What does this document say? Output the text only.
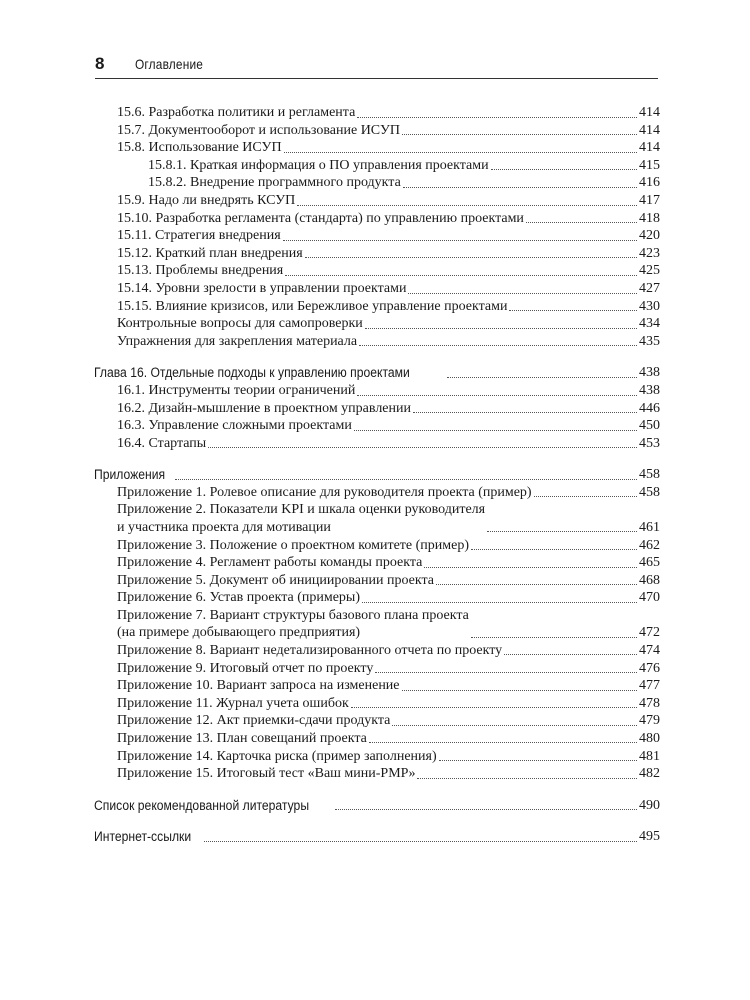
8 Оглавление
15.6. Разработка политики и регламента	414
15.7. Документооборот и использование ИСУП	414
15.8. Использование ИСУП	414
15.8.1. Краткая информация о ПО управления проектами	415
15.8.2. Внедрение программного продукта	416
15.9. Надо ли внедрять КСУП	417
15.10. Разработка регламента (стандарта) по управлению проектами	418
15.11. Стратегия внедрения	420
15.12. Краткий план внедрения	423
15.13. Проблемы внедрения	425
15.14. Уровни зрелости в управлении проектами	427
15.15. Влияние кризисов, или Бережливое управление проектами	430
Контрольные вопросы для самопроверки	434
Упражнения для закрепления материала	435
Глава 16. Отдельные подходы к управлению проектами	438
16.1. Инструменты теории ограничений	438
16.2. Дизайн-мышление в проектном управлении	446
16.3. Управление сложными проектами	450
16.4. Стартапы	453
Приложения	458
Приложение 1. Ролевое описание для руководителя проекта (пример)	458
Приложение 2. Показатели KPI и шкала оценки руководителя
и участника проекта для мотивации	461
Приложение 3. Положение о проектном комитете (пример)	462
Приложение 4. Регламент работы команды проекта	465
Приложение 5. Документ об инициировании проекта	468
Приложение 6. Устав проекта (примеры)	470
Приложение 7. Вариант структуры базового плана проекта
(на примере добывающего предприятия)	472
Приложение 8. Вариант недетализированного отчета по проекту	474
Приложение 9. Итоговый отчет по проекту	476
Приложение 10. Вариант запроса на изменение	477
Приложение 11. Журнал учета ошибок	478
Приложение 12. Акт приемки-сдачи продукта	479
Приложение 13. План совещаний проекта	480
Приложение 14. Карточка риска (пример заполнения)	481
Приложение 15. Итоговый тест «Ваш мини-PMP»	482
Список рекомендованной литературы	490
Интернет-ссылки	495
